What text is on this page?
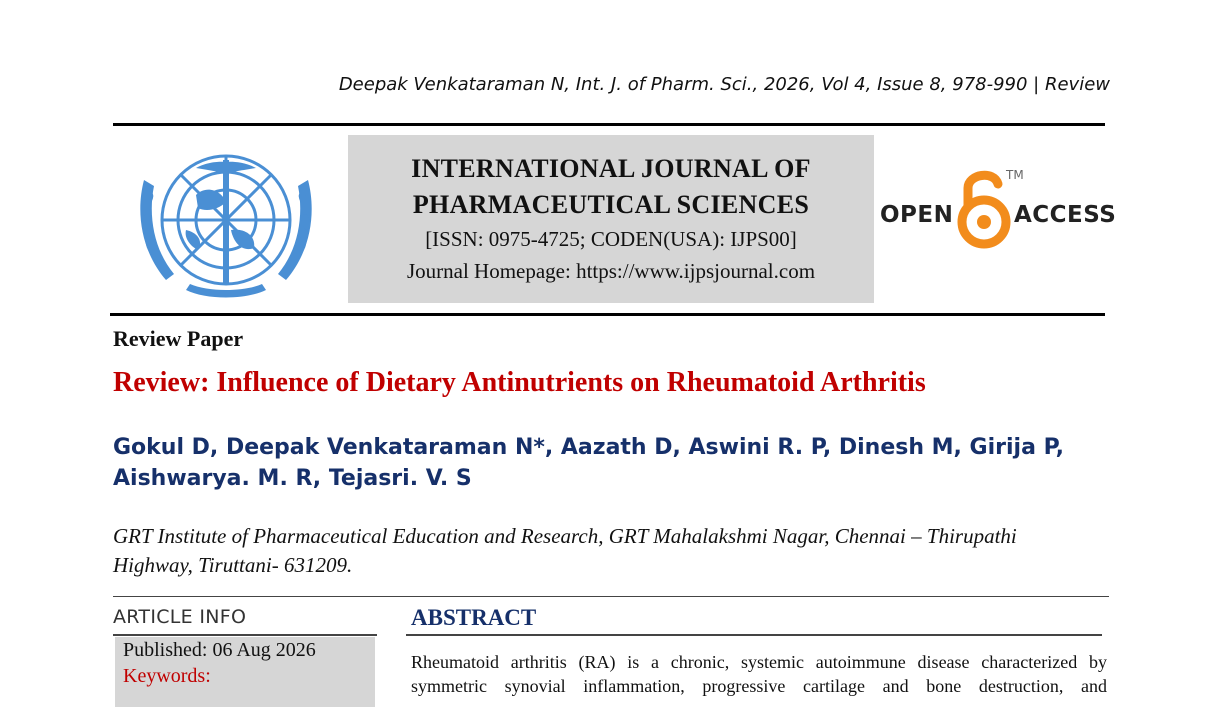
Deepak Venkataraman N, Int. J. of Pharm. Sci., 2026, Vol 4, Issue 8, 978-990 | Review
INTERNATIONAL JOURNAL OF
PHARMACEUTICAL SCIENCES
[ISSN: 0975-4725; CODEN(USA): IJPS00]
Journal Homepage: https://www.ijpsjournal.com
OPEN
TM
ACCESS
Review Paper
Review: Influence of Dietary Antinutrients on Rheumatoid Arthritis
Gokul D, Deepak Venkataraman N*, Aazath D, Aswini R. P, Dinesh M, Girija P,
Aishwarya. M. R, Tejasri. V. S
GRT Institute of Pharmaceutical Education and Research, GRT Mahalakshmi Nagar, Chennai – Thirupathi
Highway, Tiruttani- 631209.
ARTICLE INFO
Published: 06 Aug 2026
Keywords:
ABSTRACT
Rheumatoid arthritis (RA) is a chronic, systemic autoimmune disease characterized by
symmetric synovial inflammation, progressive cartilage and bone destruction, and
